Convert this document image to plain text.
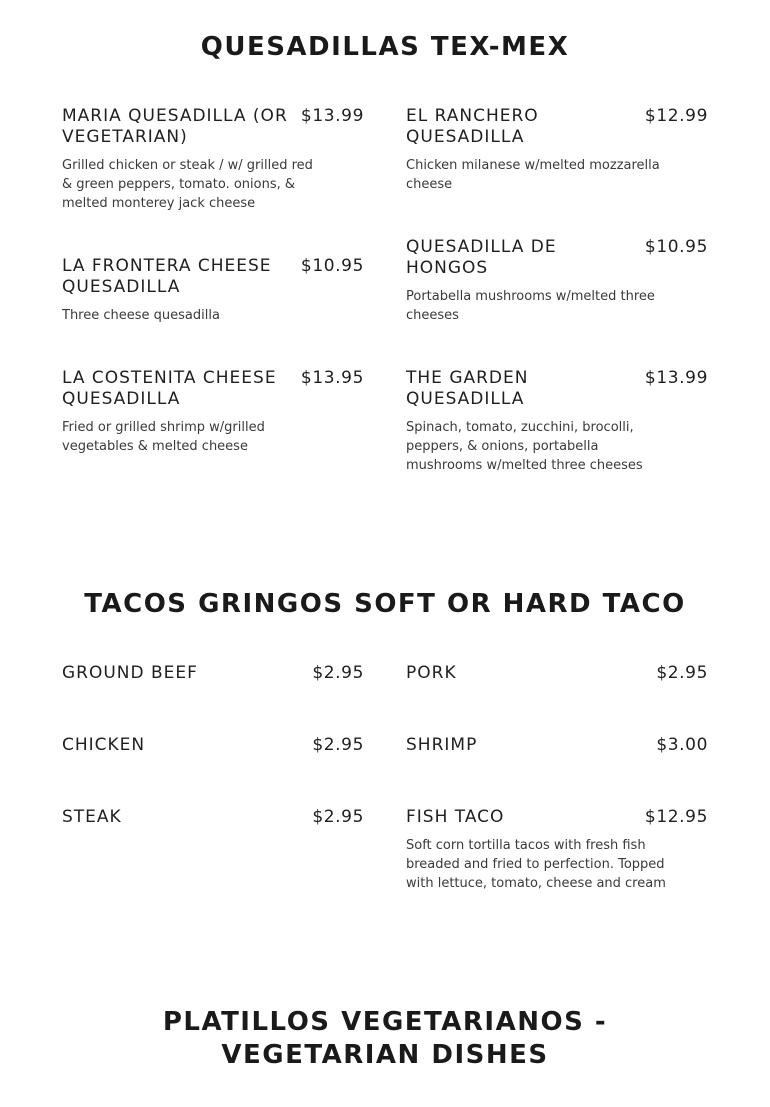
QUESADILLAS TEX-MEX
MARIA QUESADILLA (OR VEGETARIAN)
$13.99
Grilled chicken or steak / w/ grilled red & green peppers, tomato. onions, & melted monterey jack cheese
EL RANCHERO QUESADILLA
$12.99
Chicken milanese w/melted mozzarella cheese
LA FRONTERA CHEESE QUESADILLA
$10.95
Three cheese quesadilla
QUESADILLA DE HONGOS
$10.95
Portabella mushrooms w/melted three cheeses
LA COSTENITA CHEESE QUESADILLA
$13.95
Fried or grilled shrimp w/grilled vegetables & melted cheese
THE GARDEN QUESADILLA
$13.99
Spinach, tomato, zucchini, brocolli, peppers, & onions, portabella mushrooms w/melted three cheeses
TACOS GRINGOS SOFT OR HARD TACO
GROUND BEEF	$2.95 PORK	$2.95
CHICKEN	$2.95 SHRIMP	$3.00
STEAK	$2.95 FISH TACO	$12.95
Soft corn tortilla tacos with fresh fish breaded and fried to perfection. Topped with lettuce, tomato, cheese and cream
PLATILLOS VEGETARIANOS - VEGETARIAN DISHES
